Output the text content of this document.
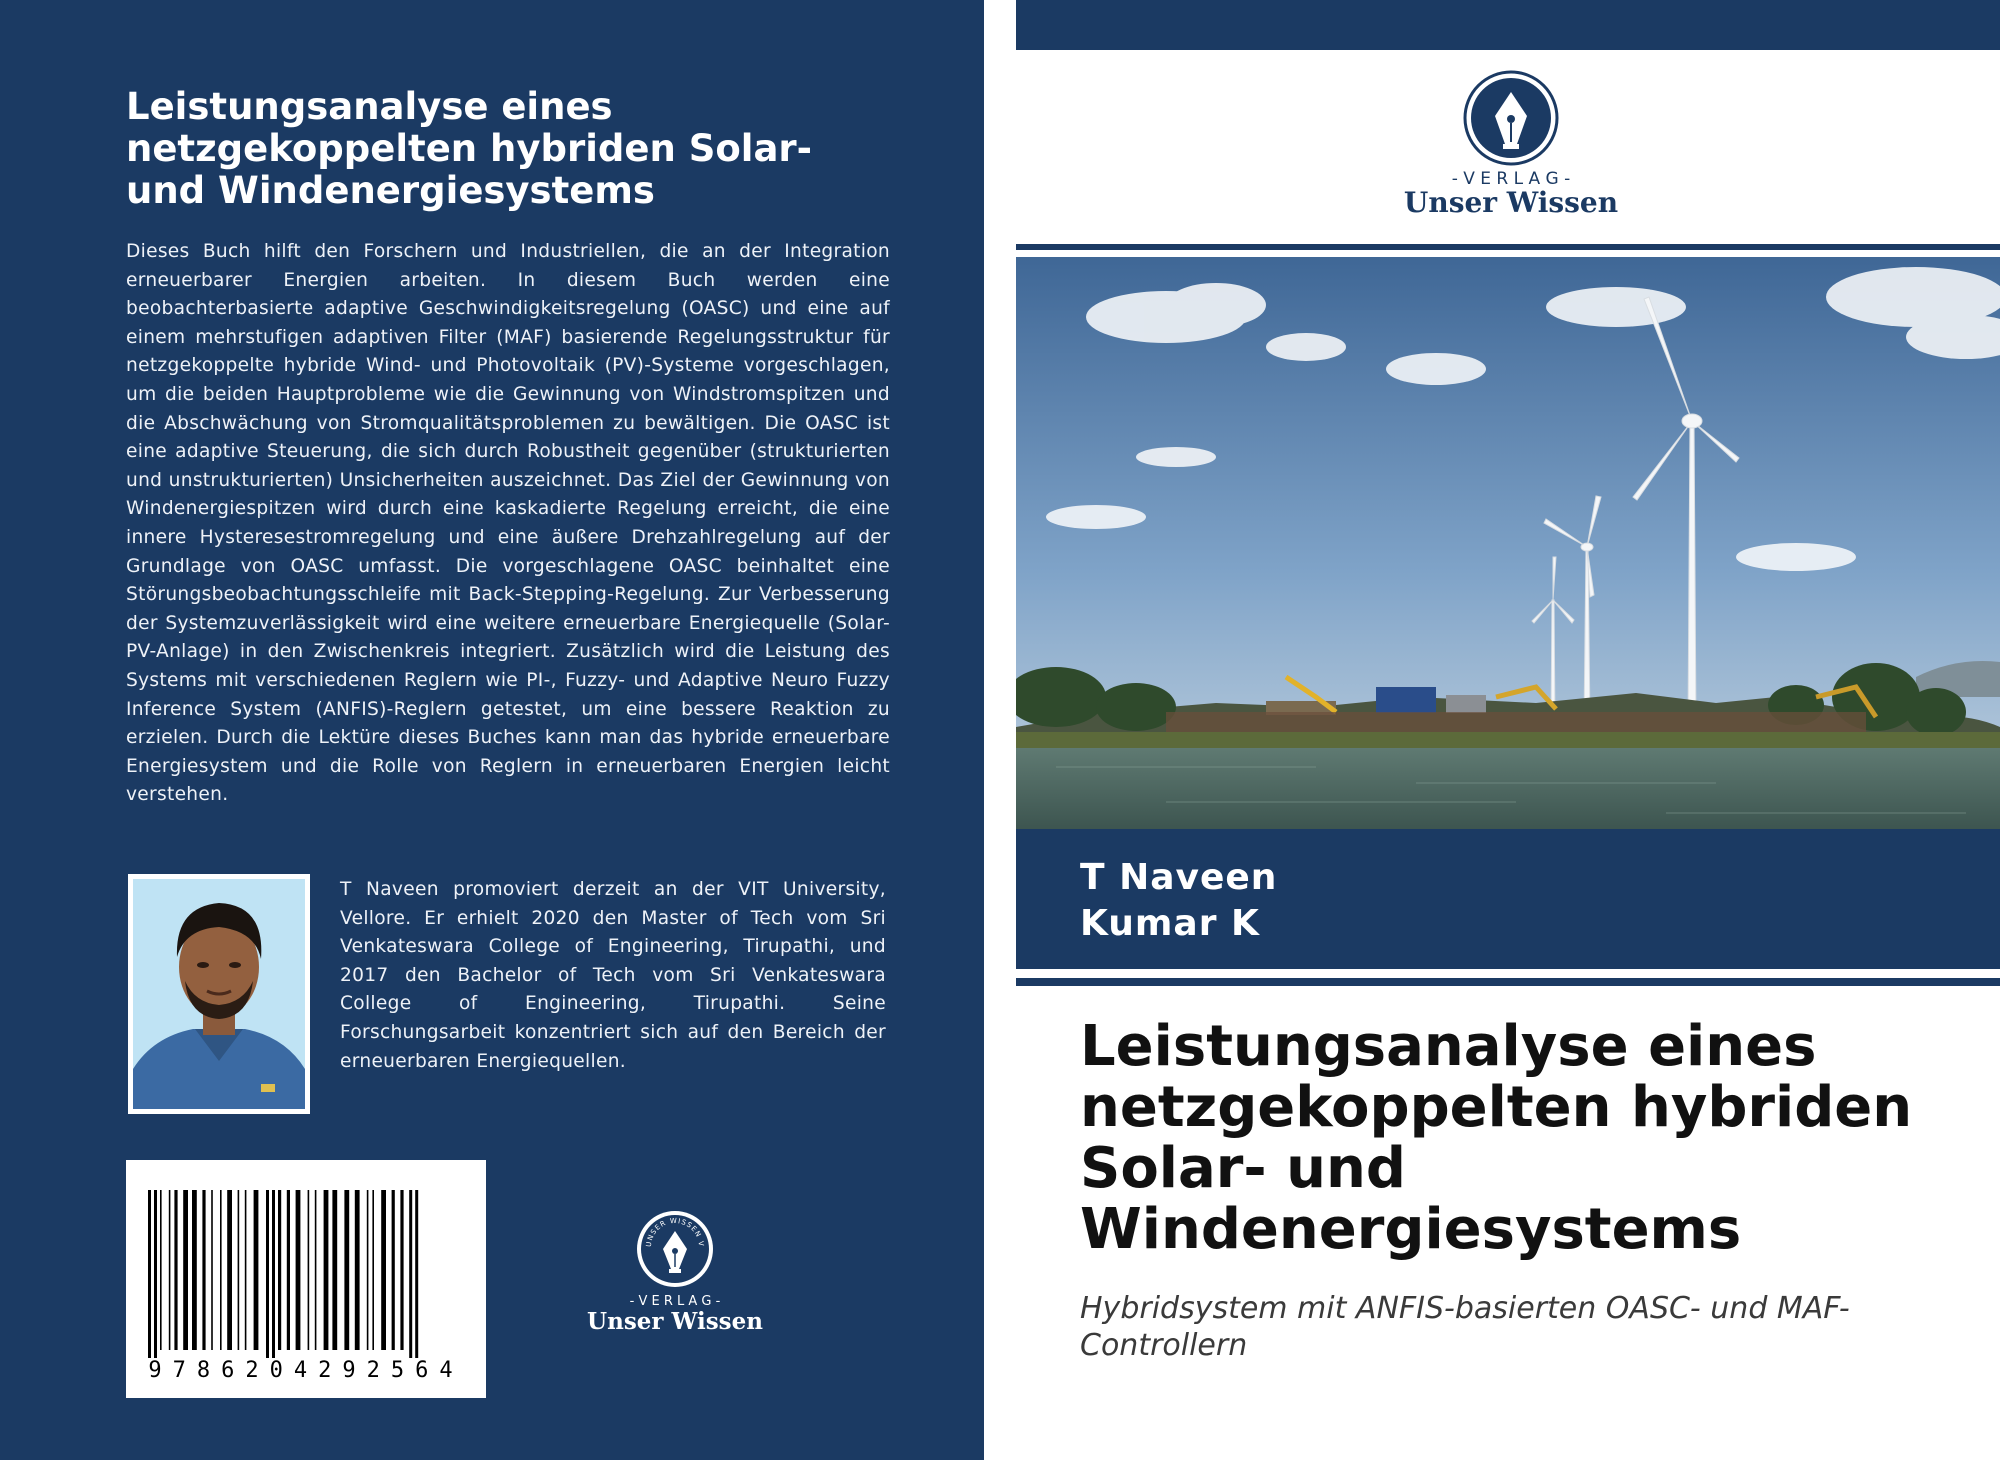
Leistungsanalyse eines netzgekoppelten hybriden Solar- und Windenergiesystems

Dieses Buch hilft den Forschern und Industriellen, die an der Integration erneuerbarer Energien arbeiten. In diesem Buch werden eine beobachterbasierte adaptive Geschwindigkeitsregelung (OASC) und eine auf einem mehrstufigen adaptiven Filter (MAF) basierende Regelungsstruktur für netzgekoppelte hybride Wind- und Photovoltaik (PV)-Systeme vorgeschlagen, um die beiden Hauptprobleme wie die Gewinnung von Windstromspitzen und die Abschwächung von Stromqualitätsproblemen zu bewältigen. Die OASC ist eine adaptive Steuerung, die sich durch Robustheit gegenüber (strukturierten und unstrukturierten) Unsicherheiten auszeichnet. Das Ziel der Gewinnung von Windenergiespitzen wird durch eine kaskadierte Regelung erreicht, die eine innere Hysteresestromregelung und eine äußere Drehzahlregelung auf der Grundlage von OASC umfasst. Die vorgeschlagene OASC beinhaltet eine Störungsbeobachtungsschleife mit Back-Stepping-Regelung. Zur Verbesserung der Systemzuverlässigkeit wird eine weitere erneuerbare Energiequelle (Solar-PV-Anlage) in den Zwischenkreis integriert. Zusätzlich wird die Leistung des Systems mit verschiedenen Reglern wie PI-, Fuzzy- und Adaptive Neuro Fuzzy Inference System (ANFIS)-Reglern getestet, um eine bessere Reaktion zu erzielen. Durch die Lektüre dieses Buches kann man das hybride erneuerbare Energiesystem und die Rolle von Reglern in erneuerbaren Energien leicht verstehen.

T Naveen promoviert derzeit an der VIT University, Vellore. Er erhielt 2020 den Master of Tech vom Sri Venkateswara College of Engineering, Tirupathi, und 2017 den Bachelor of Tech vom Sri Venkateswara College of Engineering, Tirupathi. Seine Forschungsarbeit konzentriert sich auf den Bereich der erneuerbaren Energiequellen.

9786204292564
UNSER WISSEN V
- V E R L A G -
Unser Wissen
- V E R L A G -
Unser Wissen
T Naveen
Kumar K
Leistungsanalyse eines netzgekoppelten hybriden Solar- und Windenergiesystems

Hybridsystem mit ANFIS-basierten OASC- und MAF-Controllern
